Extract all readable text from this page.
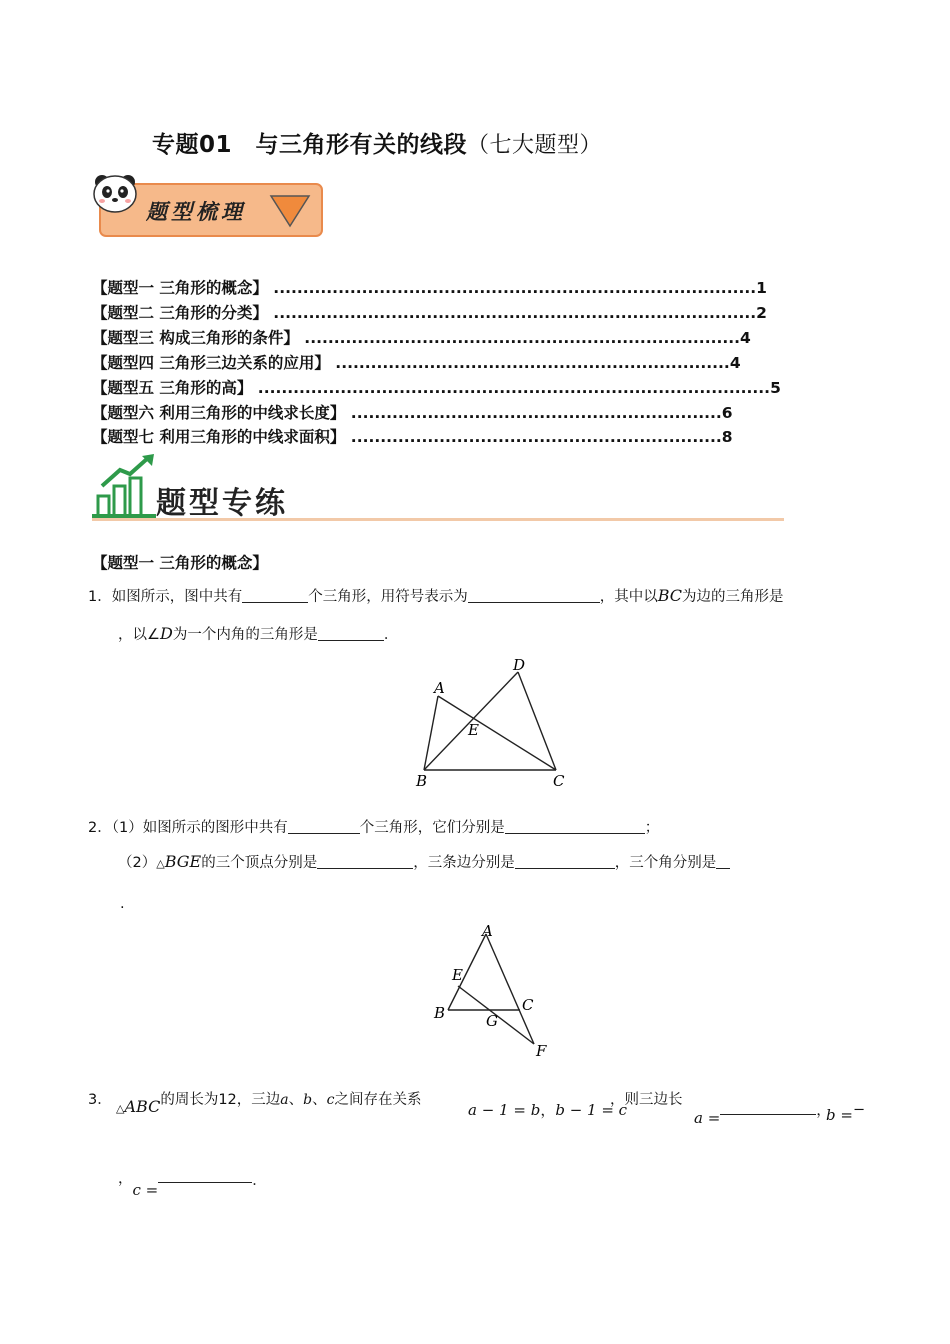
专题01　与三角形有关的线段（七大题型）
题型梳理
【题型一 三角形的概念】 ..................................................................................1
【题型二 三角形的分类】 ..................................................................................2
【题型三 构成三角形的条件】 ..........................................................................4
【题型四 三角形三边关系的应用】 ...................................................................4
【题型五 三角形的高】 .......................................................................................5
【题型六 利用三角形的中线求长度】 ...............................................................6
【题型七 利用三角形的中线求面积】 ...............................................................8
题型专练
【题型一 三角形的概念】
1．如图所示，图中共有	个三角形，用符号表示为	，其中以BC为边的三角形是
，以∠D为一个内角的三角形是	．
A
B	C
D
E
2．（1）如图所示的图形中共有	个三角形，它们分别是	；
（2）△BGE的三个顶点分别是	，三条边分别是	，三个角分别是
.
A
E
B	C
G
F
3．
△ABC的周长为12，三边a、b、c之间存在关系
a − 1 = b，b − 1 = c
，则三边长
a =	，
b =−
，c =	．
